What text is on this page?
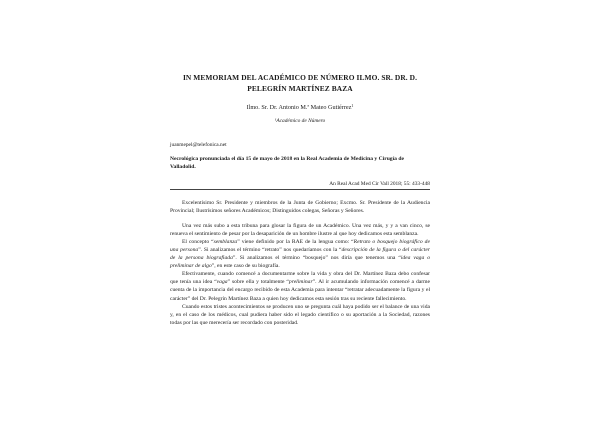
IN MEMORIAM DEL ACADÉMICO DE NÚMERO ILMO. SR. DR. D. PELEGRÍN MARTÍNEZ BAZA
Ilmo. Sr. Dr. Antonio M.ª Mateo Gutiérrez$^1$
¹Académico de Número
juanmepel@telefonica.net
Necrológica pronunciada el día 15 de mayo de 2018 en la Real Academia de Medicina y Cirugía de Valladolid.
An Real Acad Med Cir Vall 2018; 55: 433-448

Excelentísimo Sr. Presidente y miembros de la Junta de Gobierno; Excmo. Sr. Presidente de la Audiencia Provincial; Ilustrísimos señores Académicos; Distinguidos colegas, Señoras y Señores.

Una vez más subo a esta tribuna para glosar la figura de un Académico. Una vez más, y y a van cinco, se renueva el sentimiento de pesar por la desaparición de un hombre ilustre al que hoy dedicamos esta semblanza.

El concepto “semblanza” viene definido por la RAE de la lengua como: “Retrato o bosquejo biográfico de una persona”. Si analizamos el término “retrato” nos quedaríamos con la “descripción de la figura o del carácter de la persona biografiada”. Si analizamos el término “bosquejo” nos diría que tenemos una “idea vaga o preliminar de algo”, en este caso de su biografía.

Efectivamente, cuando comencé a documentarme sobre la vida y obra del Dr. Martínez Baza debo confesar que tenía una idea “vaga” sobre ella y totalmente “preliminar”. Al ir acumulando información comencé a darme cuenta de la importancia del encargo recibido de esta Academia para intentar “retratar adecuadamente la figura y el carácter” del Dr. Pelegrín Martínez Baza a quien hoy dedicamos esta sesión tras su reciente fallecimiento.

Cuando estos tristes acontecimientos se producen uno se pregunta cuál haya podido ser el balance de una vida y, en el caso de los médicos, cual pudiera haber sido el legado científico o su aportación a la Sociedad, razones todas por las que merecería ser recordado con posteridad.
